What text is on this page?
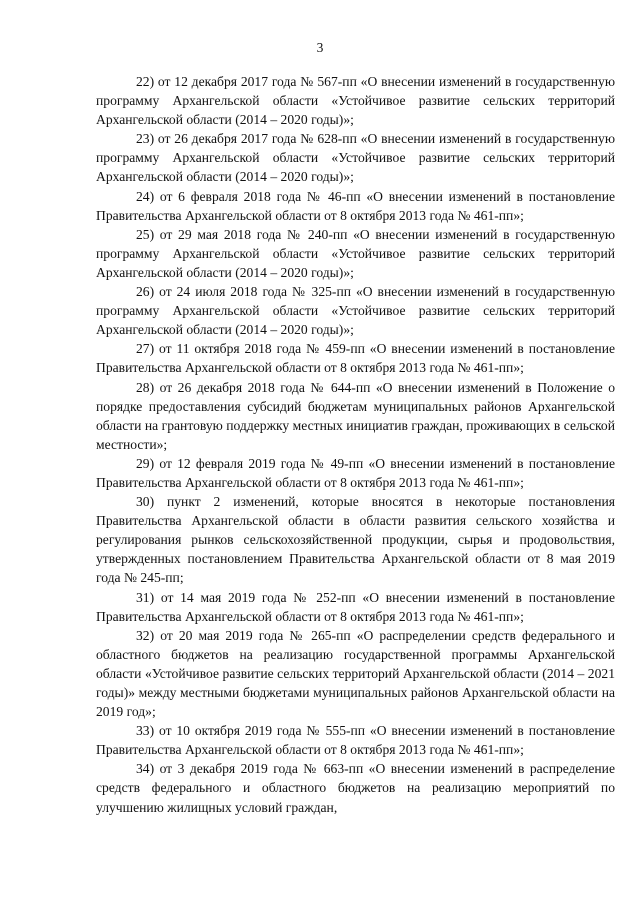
3

22) от 12 декабря 2017 года № 567-пп «О внесении изменений в государственную программу Архангельской области «Устойчивое развитие сельских территорий Архангельской области (2014 – 2020 годы)»;

23) от 26 декабря 2017 года № 628-пп «О внесении изменений в государственную программу Архангельской области «Устойчивое развитие сельских территорий Архангельской области (2014 – 2020 годы)»;

24) от 6 февраля 2018 года № 46-пп «О внесении изменений в постановление Правительства Архангельской области от 8 октября 2013 года № 461-пп»;

25) от 29 мая 2018 года № 240-пп «О внесении изменений в государственную программу Архангельской области «Устойчивое развитие сельских территорий Архангельской области (2014 – 2020 годы)»;

26) от 24 июля 2018 года № 325-пп «О внесении изменений в государственную программу Архангельской области «Устойчивое развитие сельских территорий Архангельской области (2014 – 2020 годы)»;

27) от 11 октября 2018 года № 459-пп «О внесении изменений в постановление Правительства Архангельской области от 8 октября 2013 года № 461-пп»;

28) от 26 декабря 2018 года № 644-пп «О внесении изменений в Положение о порядке предоставления субсидий бюджетам муниципальных районов Архангельской области на грантовую поддержку местных инициатив граждан, проживающих в сельской местности»;

29) от 12 февраля 2019 года № 49-пп «О внесении изменений в постановление Правительства Архангельской области от 8 октября 2013 года № 461-пп»;

30) пункт 2 изменений, которые вносятся в некоторые постановления Правительства Архангельской области в области развития сельского хозяйства и регулирования рынков сельскохозяйственной продукции, сырья и продовольствия, утвержденных постановлением Правительства Архангельской области от 8 мая 2019 года № 245-пп;

31) от 14 мая 2019 года № 252-пп «О внесении изменений в постановление Правительства Архангельской области от 8 октября 2013 года № 461-пп»;

32) от 20 мая 2019 года № 265-пп «О распределении средств федерального и областного бюджетов на реализацию государственной программы Архангельской области «Устойчивое развитие сельских территорий Архангельской области (2014 – 2021 годы)» между местными бюджетами муниципальных районов Архангельской области на 2019 год»;

33) от 10 октября 2019 года № 555-пп «О внесении изменений в постановление Правительства Архангельской области от 8 октября 2013 года № 461-пп»;

34) от 3 декабря 2019 года № 663-пп «О внесении изменений в распределение средств федерального и областного бюджетов на реализацию мероприятий по улучшению жилищных условий граждан,
